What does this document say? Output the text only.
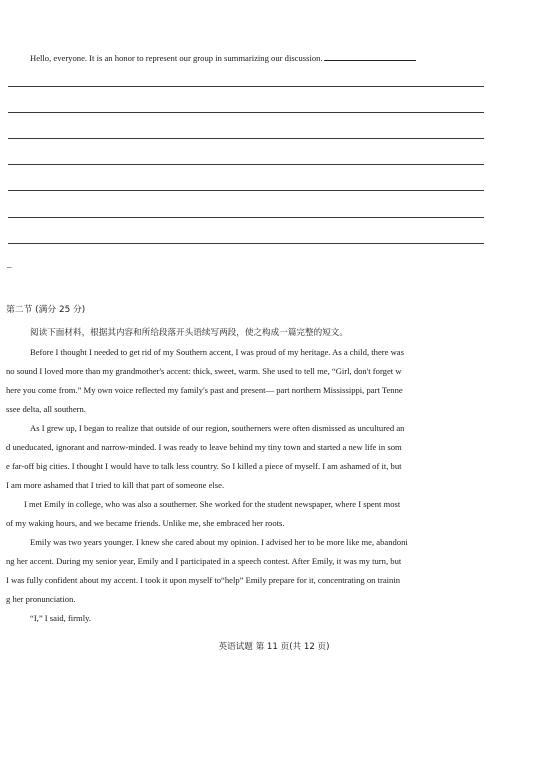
Hello, everyone. It is an honor to represent our group in summarizing our discussion.
–
第二节 (满分 25 分)
阅读下面材料，根据其内容和所给段落开头语续写两段，使之构成一篇完整的短文。
Before I thought I needed to get rid of my Southern accent, I was proud of my heritage. As a child, there was
no sound I loved more than my grandmother's accent: thick, sweet, warm. She used to tell me, “Girl, don't forget w
here you come from.” My own voice reflected my family's past and present— part northern Mississippi, part Tenne
ssee delta, all southern.
As I grew up, I began to realize that outside of our region, southerners were often dismissed as uncultured an
d uneducated, ignorant and narrow-minded. I was ready to leave behind my tiny town and started a new life in som
e far-off big cities. I thought I would have to talk less country. So I killed a piece of myself. I am ashamed of it, but
I am more ashamed that I tried to kill that part of someone else.
I met Emily in college, who was also a southerner. She worked for the student newspaper, where I spent most
of my waking hours, and we became friends. Unlike me, she embraced her roots.
Emily was two years younger. I knew she cared about my opinion. I advised her to be more like me, abandoni
ng her accent. During my senior year, Emily and I participated in a speech contest. After Emily, it was my turn, but
I was fully confident about my accent. I took it upon myself to“help” Emily prepare for it, concentrating on trainin
g her pronunciation.
“I,” I said, firmly.
英语试题 第 11 页(共 12 页)
